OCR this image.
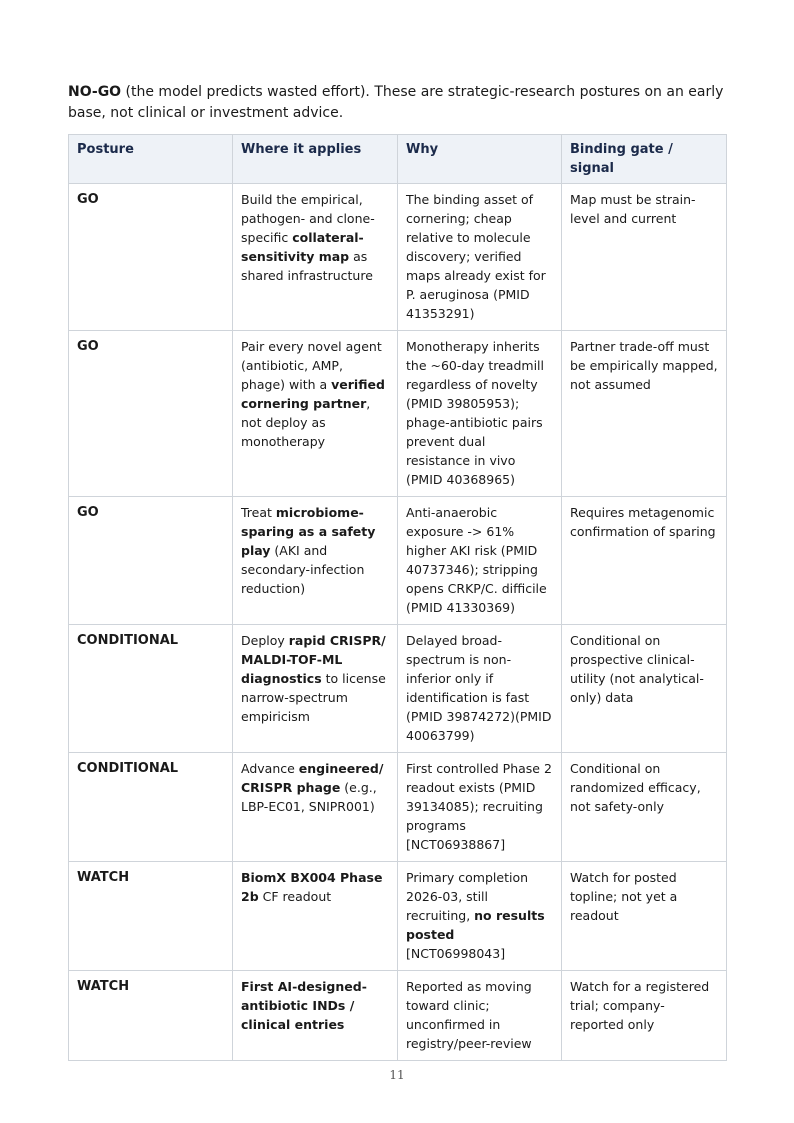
NO-GO (the model predicts wasted effort). These are strategic-research postures on an early base, not clinical or investment advice.

Posture	Where it applies	Why	Binding gate / signal
GO	Build the empirical, pathogen- and clone-specific collateral-sensitivity map as shared infrastructure	The binding asset of cornering; cheap relative to molecule discovery; verified maps already exist for P. aeruginosa (PMID 41353291)	Map must be strain-level and current
GO	Pair every novel agent (antibiotic, AMP, phage) with a verified cornering partner, not deploy as monotherapy	Monotherapy inherits the ~60-day treadmill regardless of novelty (PMID 39805953); phage-antibiotic pairs prevent dual resistance in vivo (PMID 40368965)	Partner trade-off must be empirically mapped, not assumed
GO	Treat microbiome-sparing as a safety play (AKI and secondary-infection reduction)	Anti-anaerobic exposure -> 61% higher AKI risk (PMID 40737346); stripping opens CRKP/C. difficile (PMID 41330369)	Requires metagenomic confirmation of sparing
CONDITIONAL	Deploy rapid CRISPR/ MALDI-TOF-ML diagnostics to license narrow-spectrum empiricism	Delayed broad-spectrum is non-inferior only if identification is fast (PMID 39874272)(PMID 40063799)	Conditional on prospective clinical-utility (not analytical-only) data
CONDITIONAL	Advance engineered/ CRISPR phage (e.g., LBP-EC01, SNIPR001)	First controlled Phase 2 readout exists (PMID 39134085); recruiting programs [NCT06938867]	Conditional on randomized efficacy, not safety-only
WATCH	BiomX BX004 Phase 2b CF readout	Primary completion 2026-03, still recruiting, no results posted [NCT06998043]	Watch for posted topline; not yet a readout
WATCH	First AI-designed-antibiotic INDs / clinical entries	Reported as moving toward clinic; unconfirmed in registry/peer-review	Watch for a registered trial; company-reported only
11
